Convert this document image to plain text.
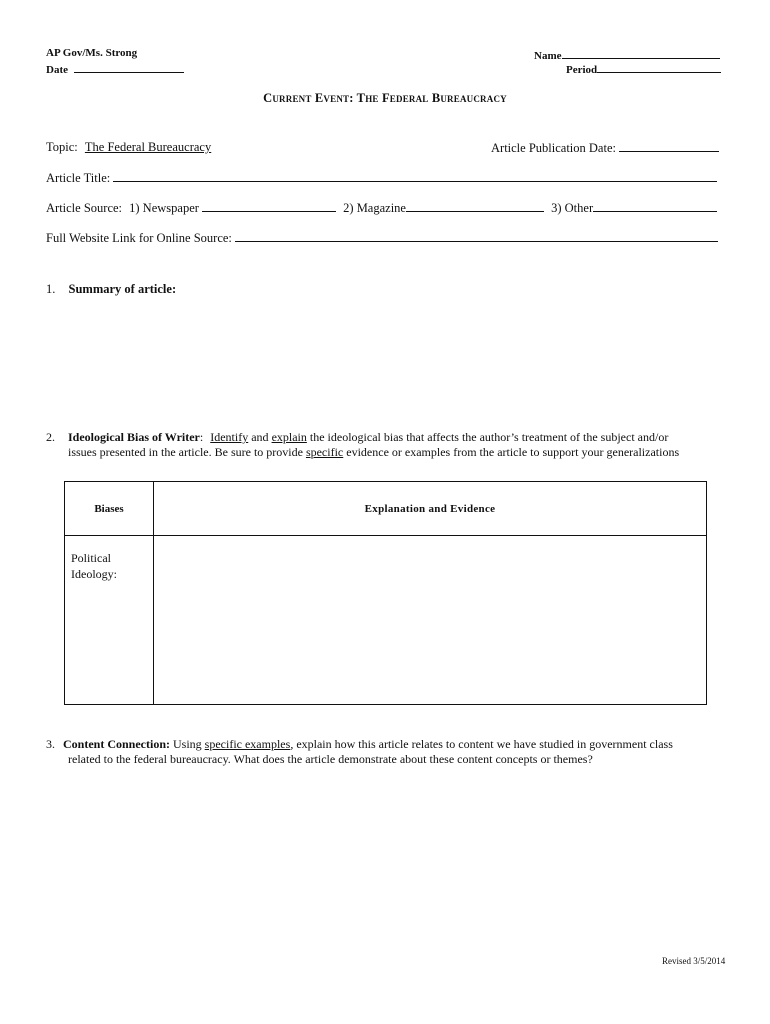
AP Gov/Ms. Strong
Date
Name
Period
Current Event: The Federal Bureaucracy
Topic: The Federal Bureaucracy	Article Publication Date:
Article Title:
Article Source: 1) Newspaper	2) Magazine	3) Other
Full Website Link for Online Source:
1. Summary of article:
2. Ideological Bias of Writer: Identify and explain the ideological bias that affects the author’s treatment of the subject and/or
issues presented in the article. Be sure to provide specific evidence or examples from the article to support your generalizations
Biases	Explanation and Evidence

Political
Ideology:	

3. Content Connection: Using specific examples, explain how this article relates to content we have studied in government class
related to the federal bureaucracy. What does the article demonstrate about these content concepts or themes?
Revised 3/5/2014
